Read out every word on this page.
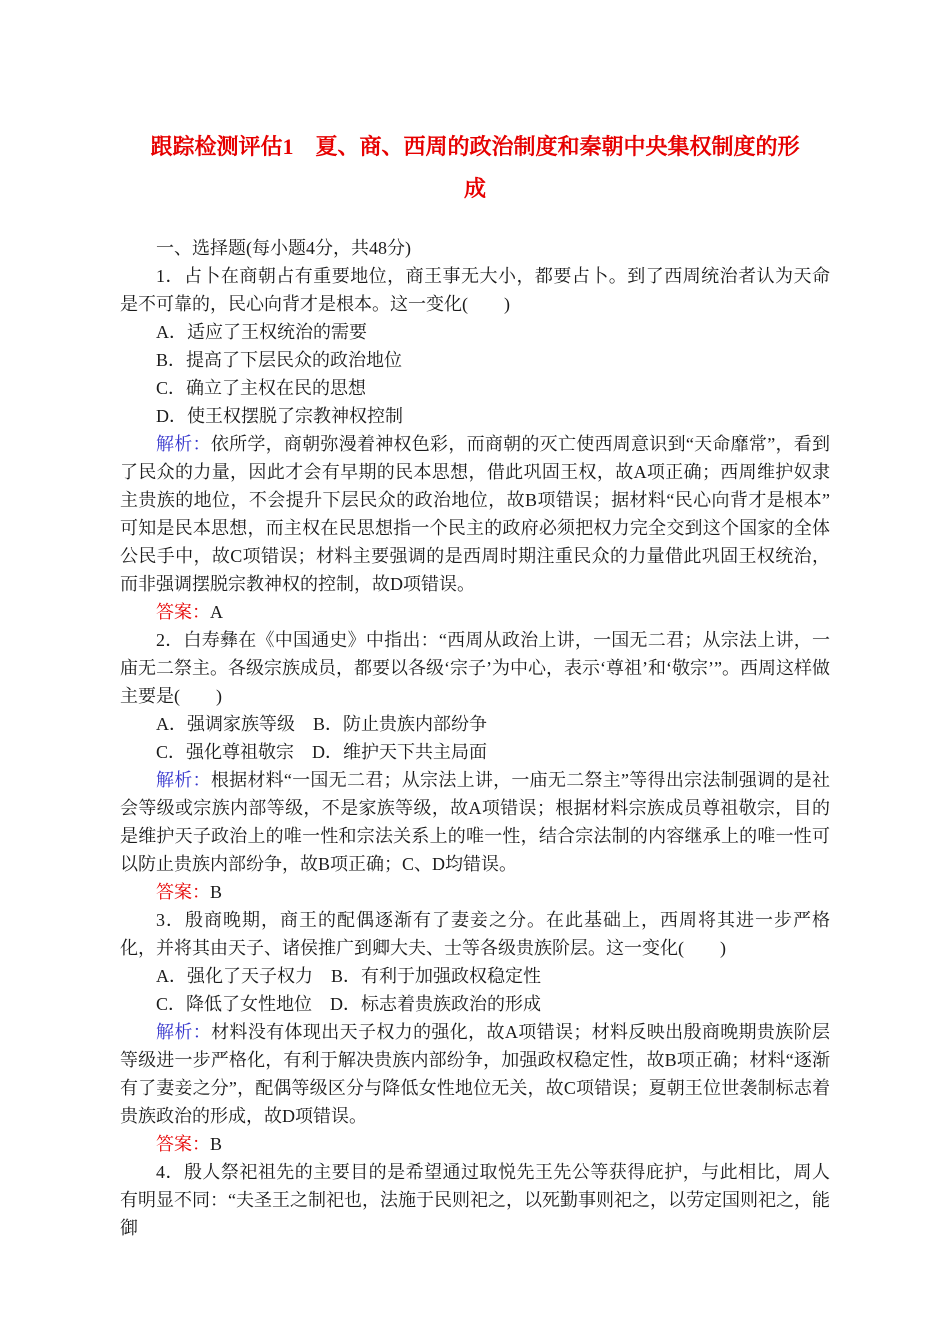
跟踪检测评估1　夏、商、西周的政治制度和秦朝中央集权制度的形成

一、选择题(每小题4分，共48分)

1．占卜在商朝占有重要地位，商王事无大小，都要占卜。到了西周统治者认为天命是不可靠的，民心向背才是根本。这一变化(　　)

A．适应了王权统治的需要

B．提高了下层民众的政治地位

C．确立了主权在民的思想

D．使王权摆脱了宗教神权控制

解析：依所学，商朝弥漫着神权色彩，而商朝的灭亡使西周意识到“天命靡常”，看到了民众的力量，因此才会有早期的民本思想，借此巩固王权，故A项正确；西周维护奴隶主贵族的地位，不会提升下层民众的政治地位，故B项错误；据材料“民心向背才是根本”可知是民本思想，而主权在民思想指一个民主的政府必须把权力完全交到这个国家的全体公民手中，故C项错误；材料主要强调的是西周时期注重民众的力量借此巩固王权统治，而非强调摆脱宗教神权的控制，故D项错误。

答案：A

2．白寿彝在《中国通史》中指出：“西周从政治上讲，一国无二君；从宗法上讲，一庙无二祭主。各级宗族成员，都要以各级‘宗子’为中心，表示‘尊祖’和‘敬宗’”。西周这样做主要是(　　)

A．强调家族等级　B．防止贵族内部纷争

C．强化尊祖敬宗　D．维护天下共主局面

解析：根据材料“一国无二君；从宗法上讲，一庙无二祭主”等得出宗法制强调的是社会等级或宗族内部等级，不是家族等级，故A项错误；根据材料宗族成员尊祖敬宗，目的是维护天子政治上的唯一性和宗法关系上的唯一性，结合宗法制的内容继承上的唯一性可以防止贵族内部纷争，故B项正确；C、D均错误。

答案：B

3．殷商晚期，商王的配偶逐渐有了妻妾之分。在此基础上，西周将其进一步严格化，并将其由天子、诸侯推广到卿大夫、士等各级贵族阶层。这一变化(　　)

A．强化了天子权力　B．有利于加强政权稳定性

C．降低了女性地位　D．标志着贵族政治的形成

解析：材料没有体现出天子权力的强化，故A项错误；材料反映出殷商晚期贵族阶层等级进一步严格化，有利于解决贵族内部纷争，加强政权稳定性，故B项正确；材料“逐渐有了妻妾之分”，配偶等级区分与降低女性地位无关，故C项错误；夏朝王位世袭制标志着贵族政治的形成，故D项错误。

答案：B

4．殷人祭祀祖先的主要目的是希望通过取悦先王先公等获得庇护，与此相比，周人有明显不同：“夫圣王之制祀也，法施于民则祀之，以死勤事则祀之，以劳定国则祀之，能御
